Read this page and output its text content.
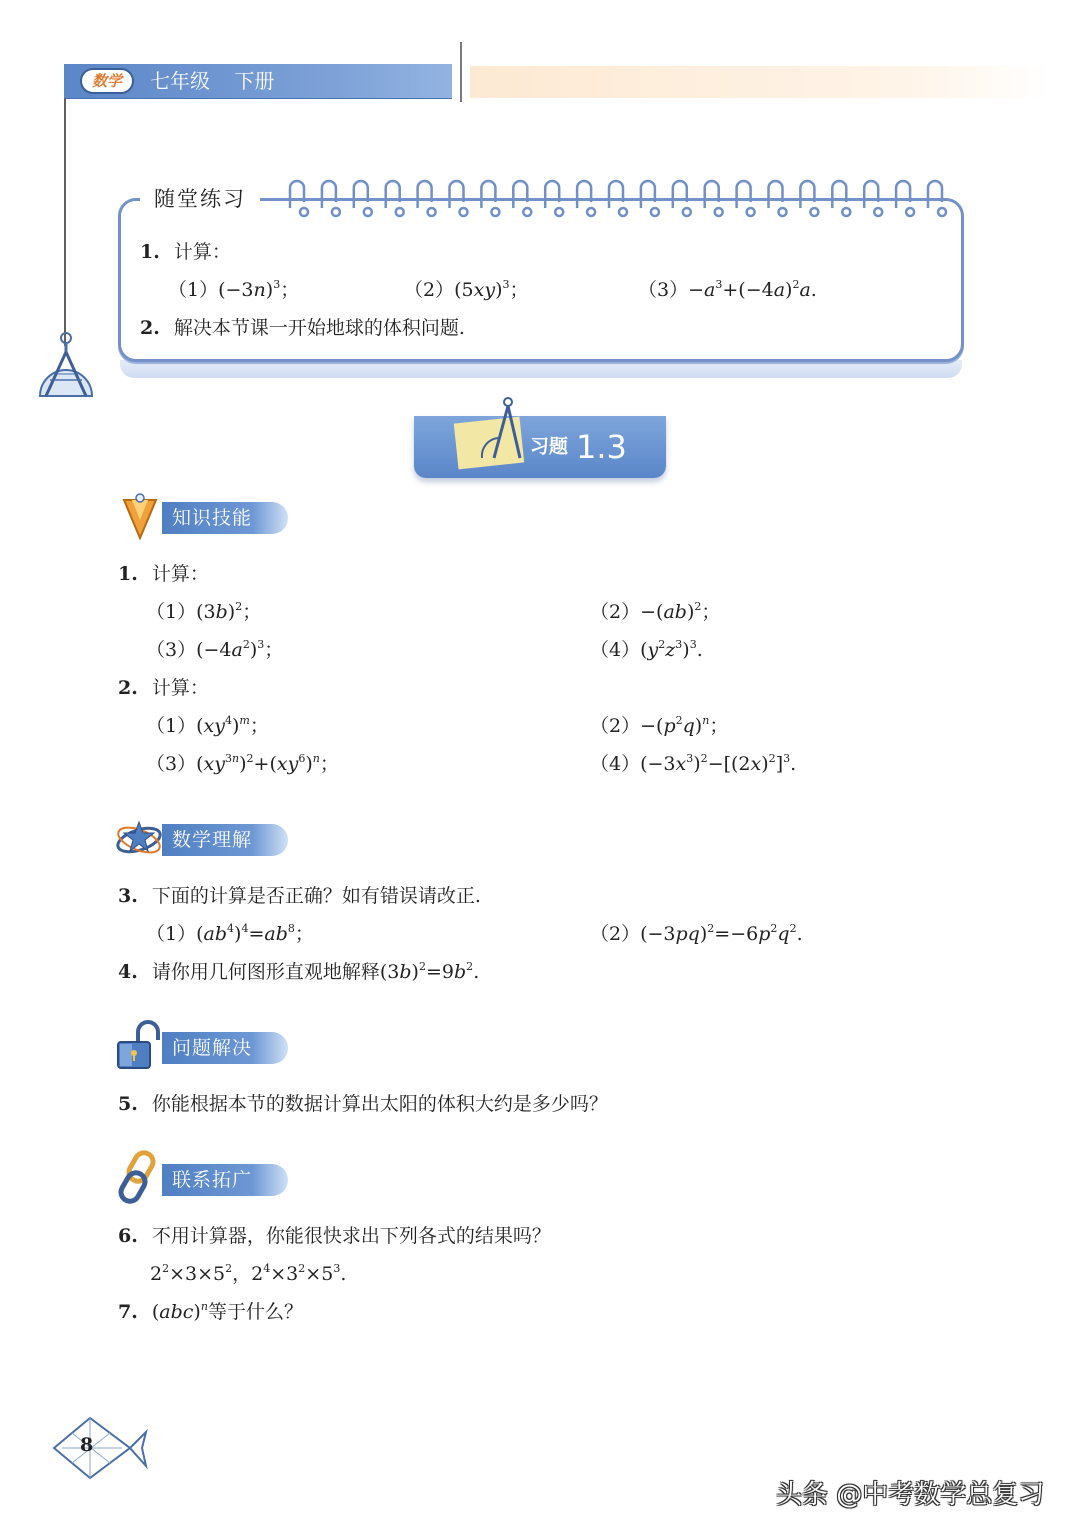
数学	七年级 下册
随堂练习
1. 计算：
$(1)(-3n)^3$；	$(2)(5xy)^3$；	$(3)-a^3+(-4a)^2a$.
2. 解决本节课一开始地球的体积问题.
习题 1.3
知识技能
1. 计算：
$(1)(3b)^2$；	（2）−(ab)$^2$；
$(3)(-4a^2)^3$；	$(4)(y^2z^3)^3$.
2. 计算：
$(1)(xy^4)^m$；	$(2)-(p^2q)^n$；
$(3)(xy^{3n})^2+(xy^6)^n$；	$(4)(-3x^3)^2-[(2x)^2]^3$.
数学理解
3. 下面的计算是否正确？如有错误请改正.
$(1)(ab^4)^4=ab^8$；	$(2)(-3pq)^2=-6p^2q^2$.
4. 请你用几何图形直观地解释$(3b)^2=9b^2$.
问题解决
5. 你能根据本节的数据计算出太阳的体积大约是多少吗？
联系拓广
6. 不用计算器，你能很快求出下列各式的结果吗？
$2^2\times 3\times 5^2$，$2^4\times 3^2\times 5^3$.
7. (abc)$^n$等于什么？
8
头条 @中考数学总复习
